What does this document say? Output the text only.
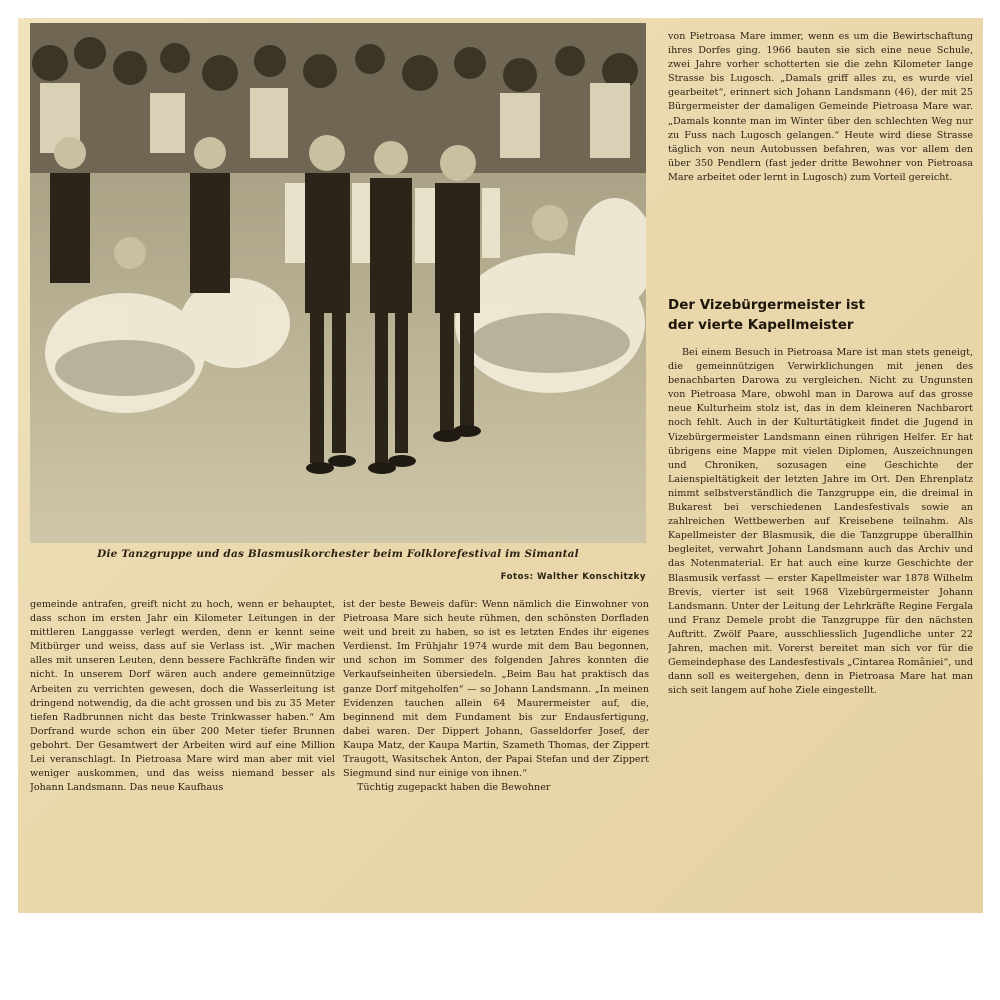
Die Tanzgruppe und das Blasmusikorchester beim Folklorefestival im Simantal
Fotos: Walther Konschitzky

gemeinde antrafen, greift nicht zu hoch, wenn er behauptet, dass schon im ersten Jahr ein Kilometer Leitungen in der mittleren Langgasse verlegt werden, denn er kennt seine Mitbürger und weiss, dass auf sie Verlass ist. „Wir machen alles mit unseren Leuten, denn bessere Fachkräfte finden wir nicht. In unserem Dorf wären auch andere gemeinnützige Arbeiten zu verrichten gewesen, doch die Wasserleitung ist dringend notwendig, da die acht grossen und bis zu 35 Meter tiefen Radbrunnen nicht das beste Trinkwasser haben.“ Am Dorfrand wurde schon ein über 200 Meter tiefer Brunnen gebohrt. Der Gesamtwert der Arbeiten wird auf eine Million Lei veranschlagt. In Pietroasa Mare wird man aber mit viel weniger auskommen, und das weiss niemand besser als Johann Landsmann. Das neue Kaufhaus

ist der beste Beweis dafür: Wenn nämlich die Einwohner von Pietroasa Mare sich heute rühmen, den schönsten Dorfladen weit und breit zu haben, so ist es letzten Endes ihr eigenes Verdienst. Im Frühjahr 1974 wurde mit dem Bau begonnen, und schon im Sommer des folgenden Jahres konnten die Verkaufseinheiten übersiedeln. „Beim Bau hat praktisch das ganze Dorf mitgeholfen“ — so Johann Landsmann. „In meinen Evidenzen tauchen allein 64 Maurermeister auf, die, beginnend mit dem Fundament bis zur Endausfertigung, dabei waren. Der Dippert Johann, Gasseldorfer Josef, der Kaupa Matz, der Kaupa Martin, Szameth Thomas, der Zippert Traugott, Wasitschek Anton, der Papai Stefan und der Zippert Siegmund sind nur einige von ihnen.“

Tüchtig zugepackt haben die Bewohner

von Pietroasa Mare immer, wenn es um die Bewirtschaftung ihres Dorfes ging. 1966 bauten sie sich eine neue Schule, zwei Jahre vorher schotterten sie die zehn Kilometer lange Strasse bis Lugosch. „Damals griff alles zu, es wurde viel gearbeitet“, erinnert sich Johann Landsmann (46), der mit 25 Bürgermeister der damaligen Gemeinde Pietroasa Mare war. „Damals konnte man im Winter über den schlechten Weg nur zu Fuss nach Lugosch gelangen.“ Heute wird diese Strasse täglich von neun Autobussen befahren, was vor allem den über 350 Pendlern (fast jeder dritte Bewohner von Pietroasa Mare arbeitet oder lernt in Lugosch) zum Vorteil gereicht.

Der Vizebürgermeister ist
der vierte Kapellmeister

Bei einem Besuch in Pietroasa Mare ist man stets geneigt, die gemeinnützigen Verwirklichungen mit jenen des benachbarten Darowa zu vergleichen. Nicht zu Ungunsten von Pietroasa Mare, obwohl man in Darowa auf das grosse neue Kulturheim stolz ist, das in dem kleineren Nachbarort noch fehlt. Auch in der Kulturtätigkeit findet die Jugend in Vizebürgermeister Landsmann einen rührigen Helfer. Er hat übrigens eine Mappe mit vielen Diplomen, Auszeichnungen und Chroniken, sozusagen eine Geschichte der Laienspieltätigkeit der letzten Jahre im Ort. Den Ehrenplatz nimmt selbstverständlich die Tanzgruppe ein, die dreimal in Bukarest bei verschiedenen Landesfestivals sowie an zahlreichen Wettbewerben auf Kreisebene teilnahm. Als Kapellmeister der Blasmusik, die die Tanzgruppe überallhin begleitet, verwahrt Johann Landsmann auch das Archiv und das Notenmaterial. Er hat auch eine kurze Geschichte der Blasmusik verfasst — erster Kapellmeister war 1878 Wilhelm Brevis, vierter ist seit 1968 Vizebürgermeister Johann Landsmann. Unter der Leitung der Lehrkräfte Regine Fergala und Franz Demele probt die Tanzgruppe für den nächsten Auftritt. Zwölf Paare, ausschliesslich Jugendliche unter 22 Jahren, machen mit. Vorerst bereitet man sich vor für die Gemeindephase des Landesfestivals „Cintarea României“, und dann soll es weitergehen, denn in Pietroasa Mare hat man sich seit langem auf hohe Ziele eingestellt.
